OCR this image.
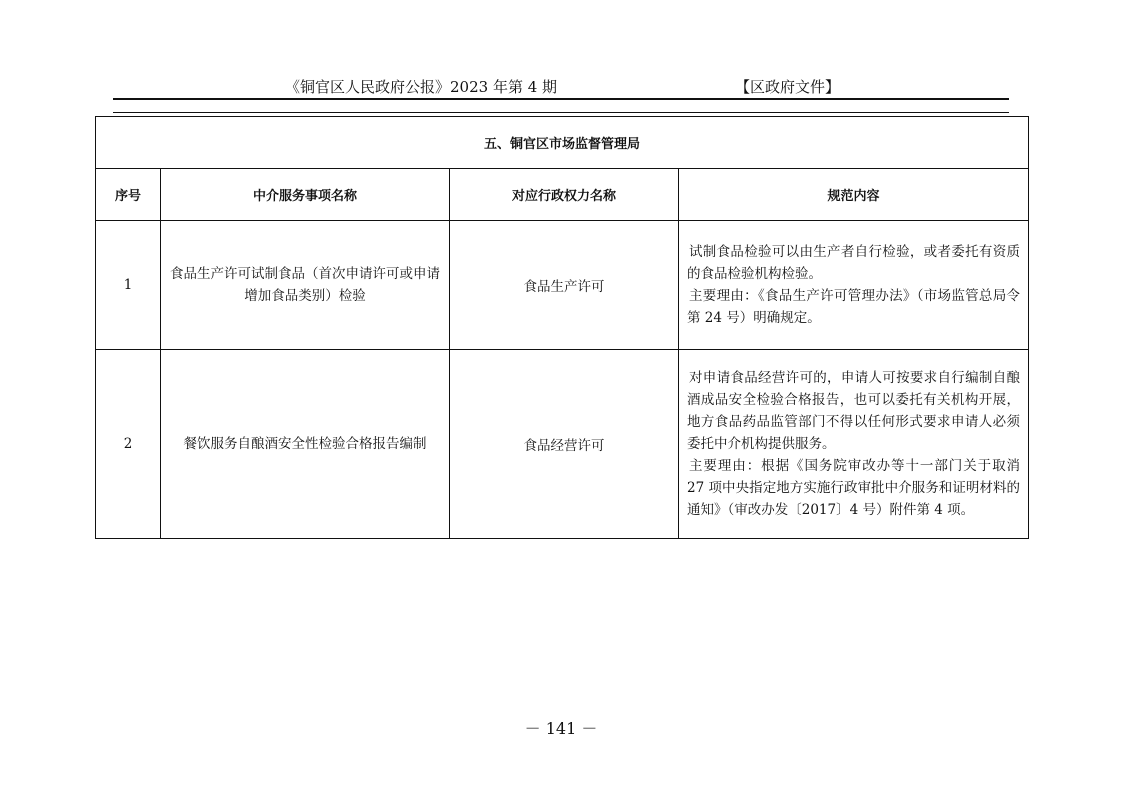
《铜官区人民政府公报》2023 年第 4 期	【区政府文件】
五、铜官区市场监督管理局			
序号	中介服务事项名称	对应行政权力名称	规范内容
1	食品生产许可试制食品（首次申请许可或申请增加食品类别）检验	食品生产许可	试制食品检验可以由生产者自行检验，或者委托有资质的食品检验机构检验。

主要理由：《食品生产许可管理办法》（市场监管总局令第 24 号）明确规定。

2	餐饮服务自酿酒安全性检验合格报告编制	食品经营许可	对申请食品经营许可的，申请人可按要求自行编制自酿酒成品安全检验合格报告，也可以委托有关机构开展，地方食品药品监管部门不得以任何形式要求申请人必须委托中介机构提供服务。

主要理由：根据《国务院审改办等十一部门关于取消 27 项中央指定地方实施行政审批中介服务和证明材料的通知》（审改办发〔2017〕4 号）附件第 4 项。

－ 141 －
